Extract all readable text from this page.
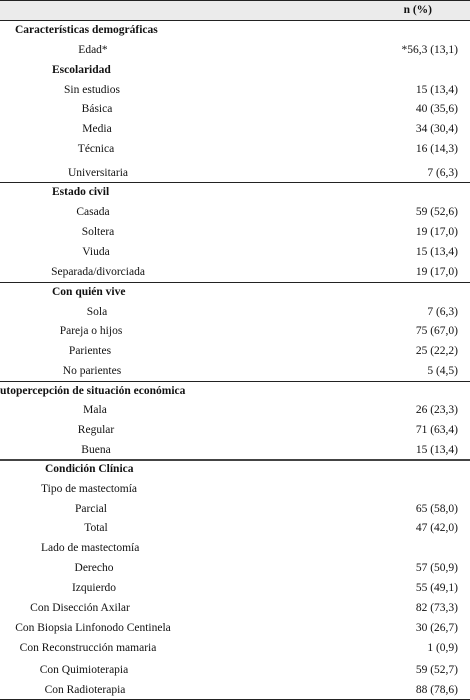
n (%)
Características demográficas
Edad*	*56,3 (13,1)
Escolaridad
Sin estudios	15 (13,4)
Básica	40 (35,6)
Media	34 (30,4)
Técnica	16 (14,3)
Universitaria	7 (6,3)
Estado civil
Casada	59 (52,6)
Soltera	19 (17,0)
Viuda	15 (13,4)
Separada/divorciada	19 (17,0)
Con quién vive
Sola	7 (6,3)
Pareja o hijos	75 (67,0)
Parientes	25 (22,2)
No parientes	5 (4,5)
utopercepción de situación económica
Mala	26 (23,3)
Regular	71 (63,4)
Buena	15 (13,4)
Condición Clínica
Tipo de mastectomía
Parcial	65 (58,0)
Total	47 (42,0)
Lado de mastectomía
Derecho	57 (50,9)
Izquierdo	55 (49,1)
Con Disección Axilar	82 (73,3)
Con Biopsia Linfonodo Centinela	30 (26,7)
Con Reconstrucción mamaria	1 (0,9)
Con Quimioterapia	59 (52,7)
Con Radioterapia	88 (78,6)
